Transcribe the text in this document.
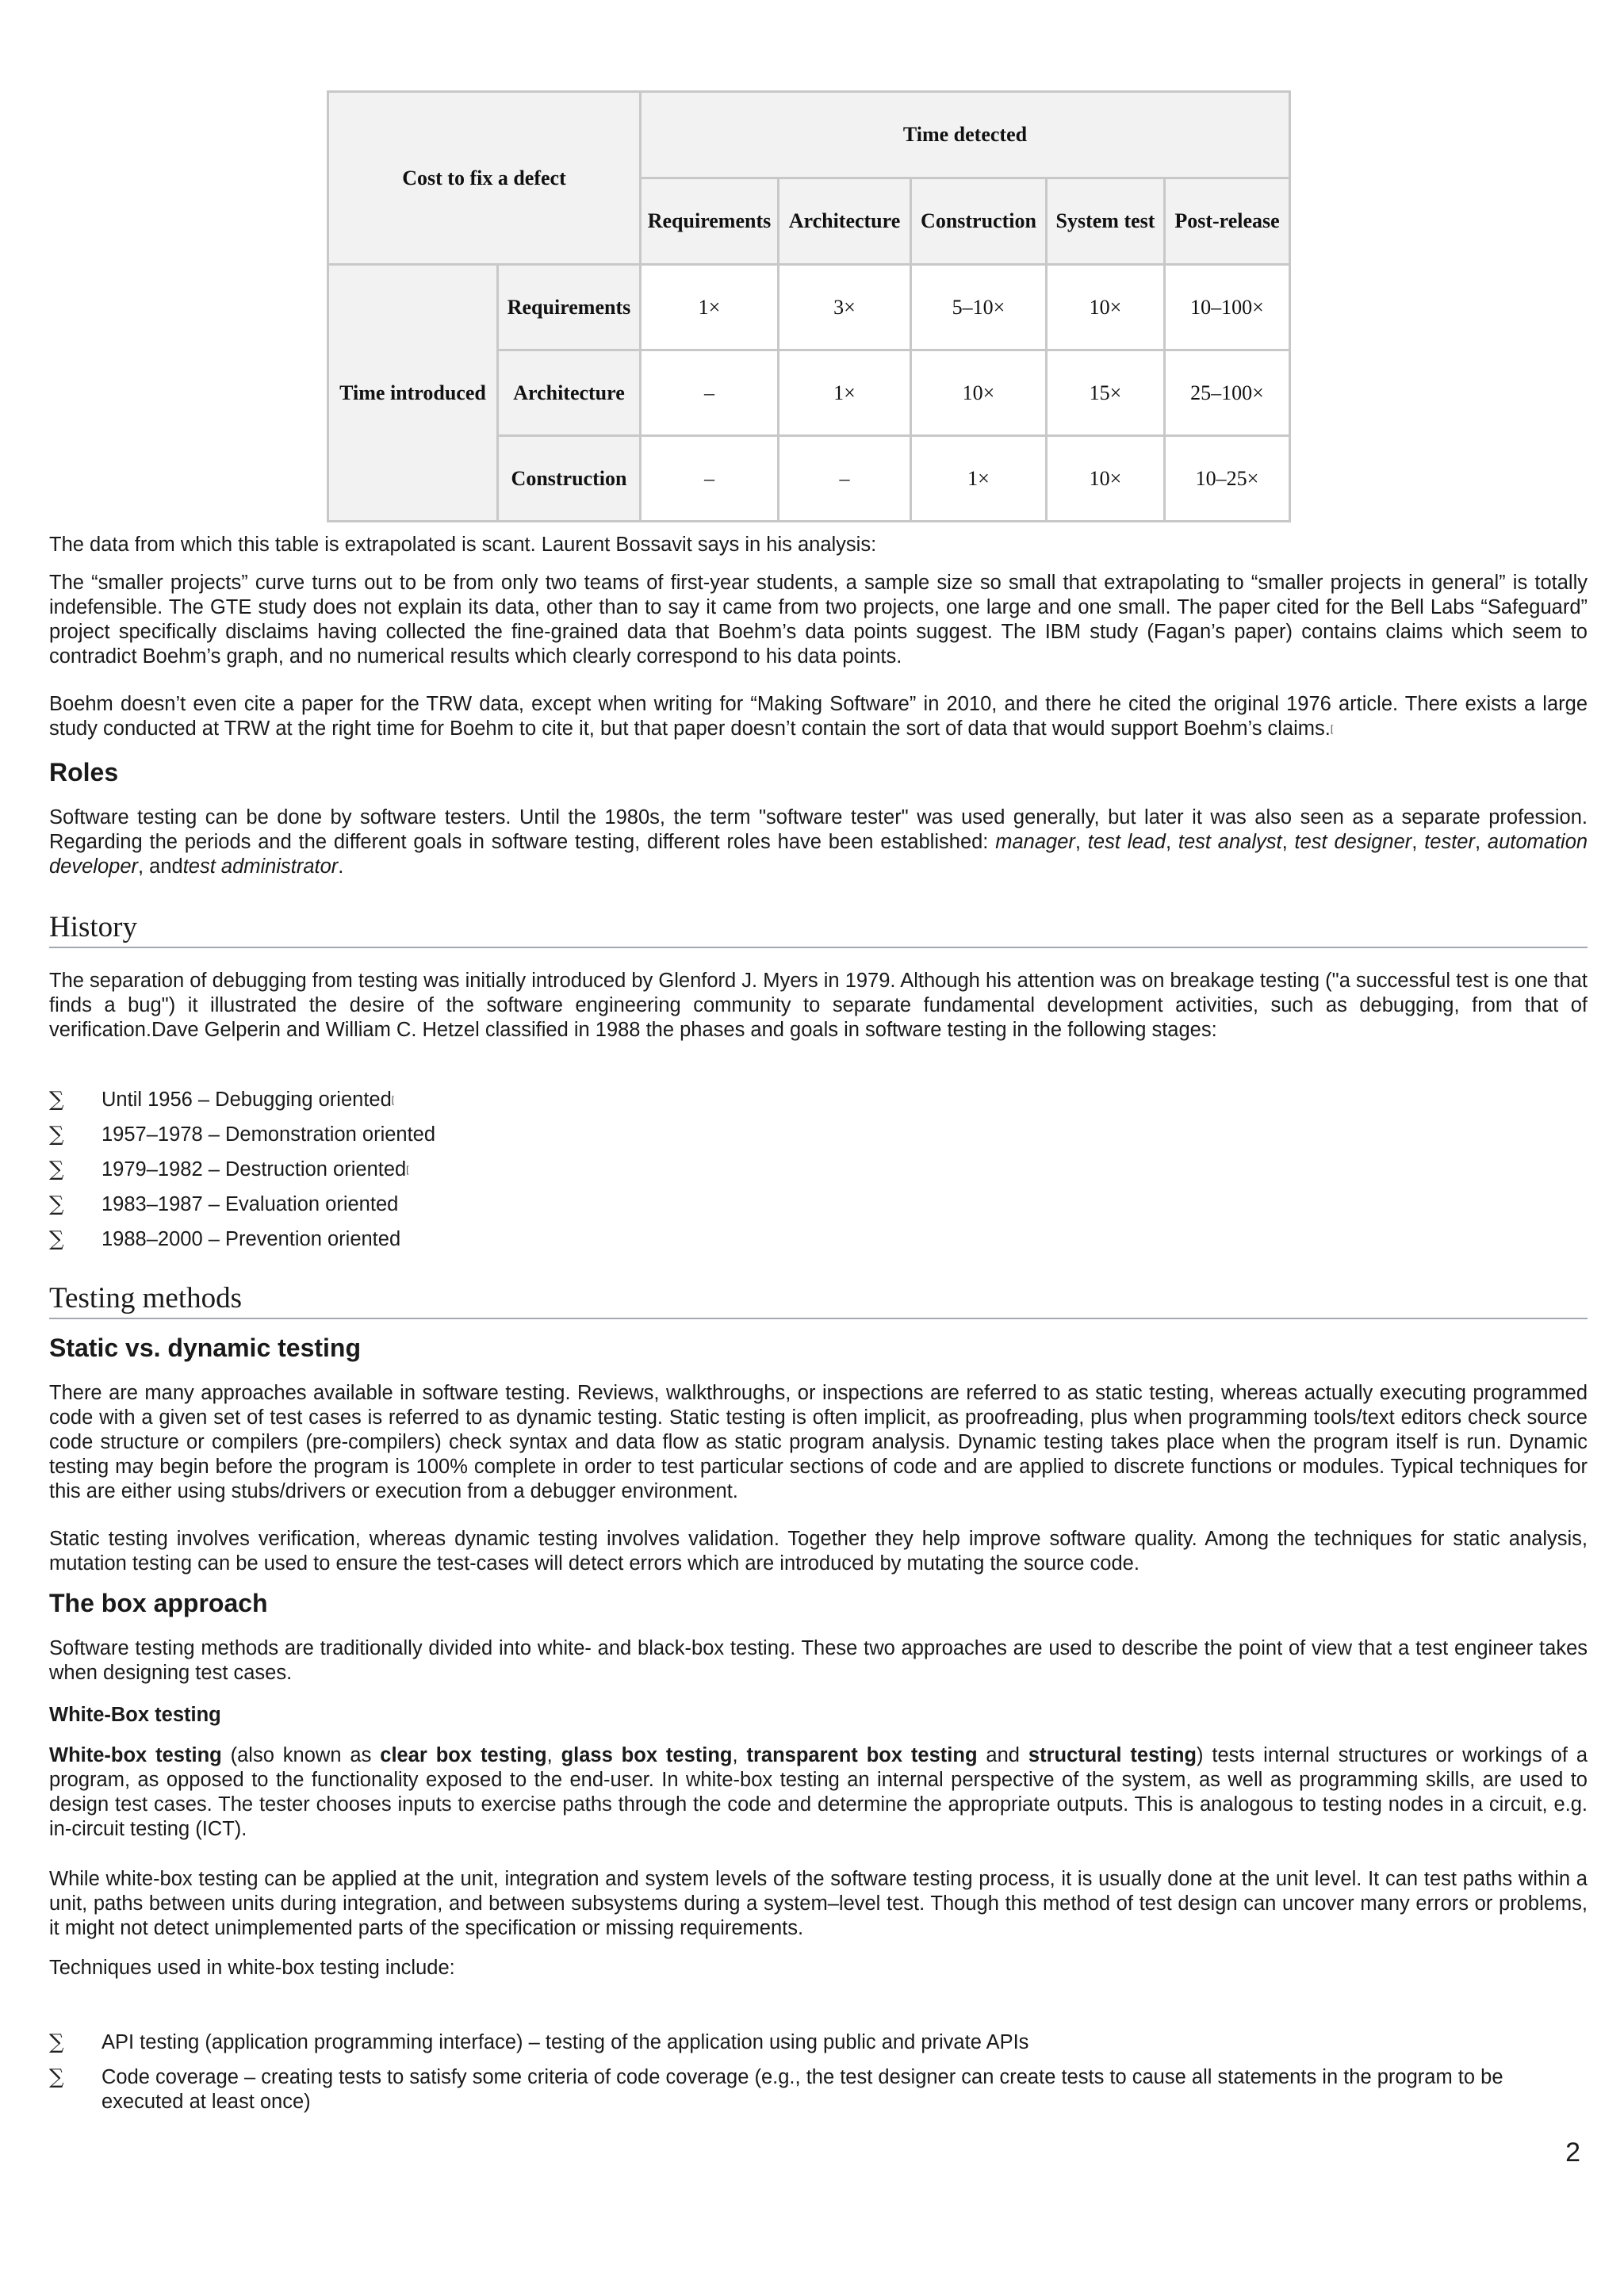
Cost to fix a defect		Time detected				
		Requirements	Architecture	Construction	System test	Post-release
Time introduced	Requirements	1×	3×	5–10×	10×	10–100×
	Architecture	–	1×	10×	15×	25–100×
	Construction	–	–	1×	10×	10–25×

The data from which this table is extrapolated is scant. Laurent Bossavit says in his analysis:

The “smaller projects” curve turns out to be from only two teams of first-year students, a sample size so small that extrapolating to “smaller projects in general” is totally indefensible. The GTE study does not explain its data, other than to say it came from two projects, one large and one small. The paper cited for the Bell Labs “Safeguard” project specifically disclaims having collected the fine-grained data that Boehm’s data points suggest. The IBM study (Fagan’s paper) contains claims which seem to contradict Boehm’s graph, and no numerical results which clearly correspond to his data points.

Boehm doesn’t even cite a paper for the TRW data, except when writing for “Making Software” in 2010, and there he cited the original 1976 article. There exists a large study conducted at TRW at the right time for Boehm to cite it, but that paper doesn’t contain the sort of data that would support Boehm’s claims.[

Roles

Software testing can be done by software testers. Until the 1980s, the term "software tester" was used generally, but later it was also seen as a separate profession. Regarding the periods and the different goals in software testing, different roles have been established: manager, test lead, test analyst, test designer, tester, automation developer, andtest administrator.

History

The separation of debugging from testing was initially introduced by Glenford J. Myers in 1979. Although his attention was on breakage testing ("a successful test is one that finds a bug") it illustrated the desire of the software engineering community to separate fundamental development activities, such as debugging, from that of verification.Dave Gelperin and William C. Hetzel classified in 1988 the phases and goals in software testing in the following stages:

∑	Until 1956 – Debugging oriented[
∑	1957–1978 – Demonstration oriented
∑	1979–1982 – Destruction oriented[
∑	1983–1987 – Evaluation oriented
∑	1988–2000 – Prevention oriented
Testing methods
Static vs. dynamic testing

There are many approaches available in software testing. Reviews, walkthroughs, or inspections are referred to as static testing, whereas actually executing programmed code with a given set of test cases is referred to as dynamic testing. Static testing is often implicit, as proofreading, plus when programming tools/text editors check source code structure or compilers (pre-compilers) check syntax and data flow as static program analysis. Dynamic testing takes place when the program itself is run. Dynamic testing may begin before the program is 100% complete in order to test particular sections of code and are applied to discrete functions or modules. Typical techniques for this are either using stubs/drivers or execution from a debugger environment.

Static testing involves verification, whereas dynamic testing involves validation. Together they help improve software quality. Among the techniques for static analysis, mutation testing can be used to ensure the test-cases will detect errors which are introduced by mutating the source code.

The box approach

Software testing methods are traditionally divided into white- and black-box testing. These two approaches are used to describe the point of view that a test engineer takes when designing test cases.

White-Box testing

White-box testing (also known as clear box testing, glass box testing, transparent box testing and structural testing) tests internal structures or workings of a program, as opposed to the functionality exposed to the end-user. In white-box testing an internal perspective of the system, as well as programming skills, are used to design test cases. The tester chooses inputs to exercise paths through the code and determine the appropriate outputs. This is analogous to testing nodes in a circuit, e.g. in-circuit testing (ICT).

While white-box testing can be applied at the unit, integration and system levels of the software testing process, it is usually done at the unit level. It can test paths within a unit, paths between units during integration, and between subsystems during a system–level test. Though this method of test design can uncover many errors or problems, it might not detect unimplemented parts of the specification or missing requirements.

Techniques used in white-box testing include:

∑	API testing (application programming interface) – testing of the application using public and private APIs
∑	Code coverage – creating tests to satisfy some criteria of code coverage (e.g., the test designer can create tests to cause all statements in the program to be executed at least once)
2
